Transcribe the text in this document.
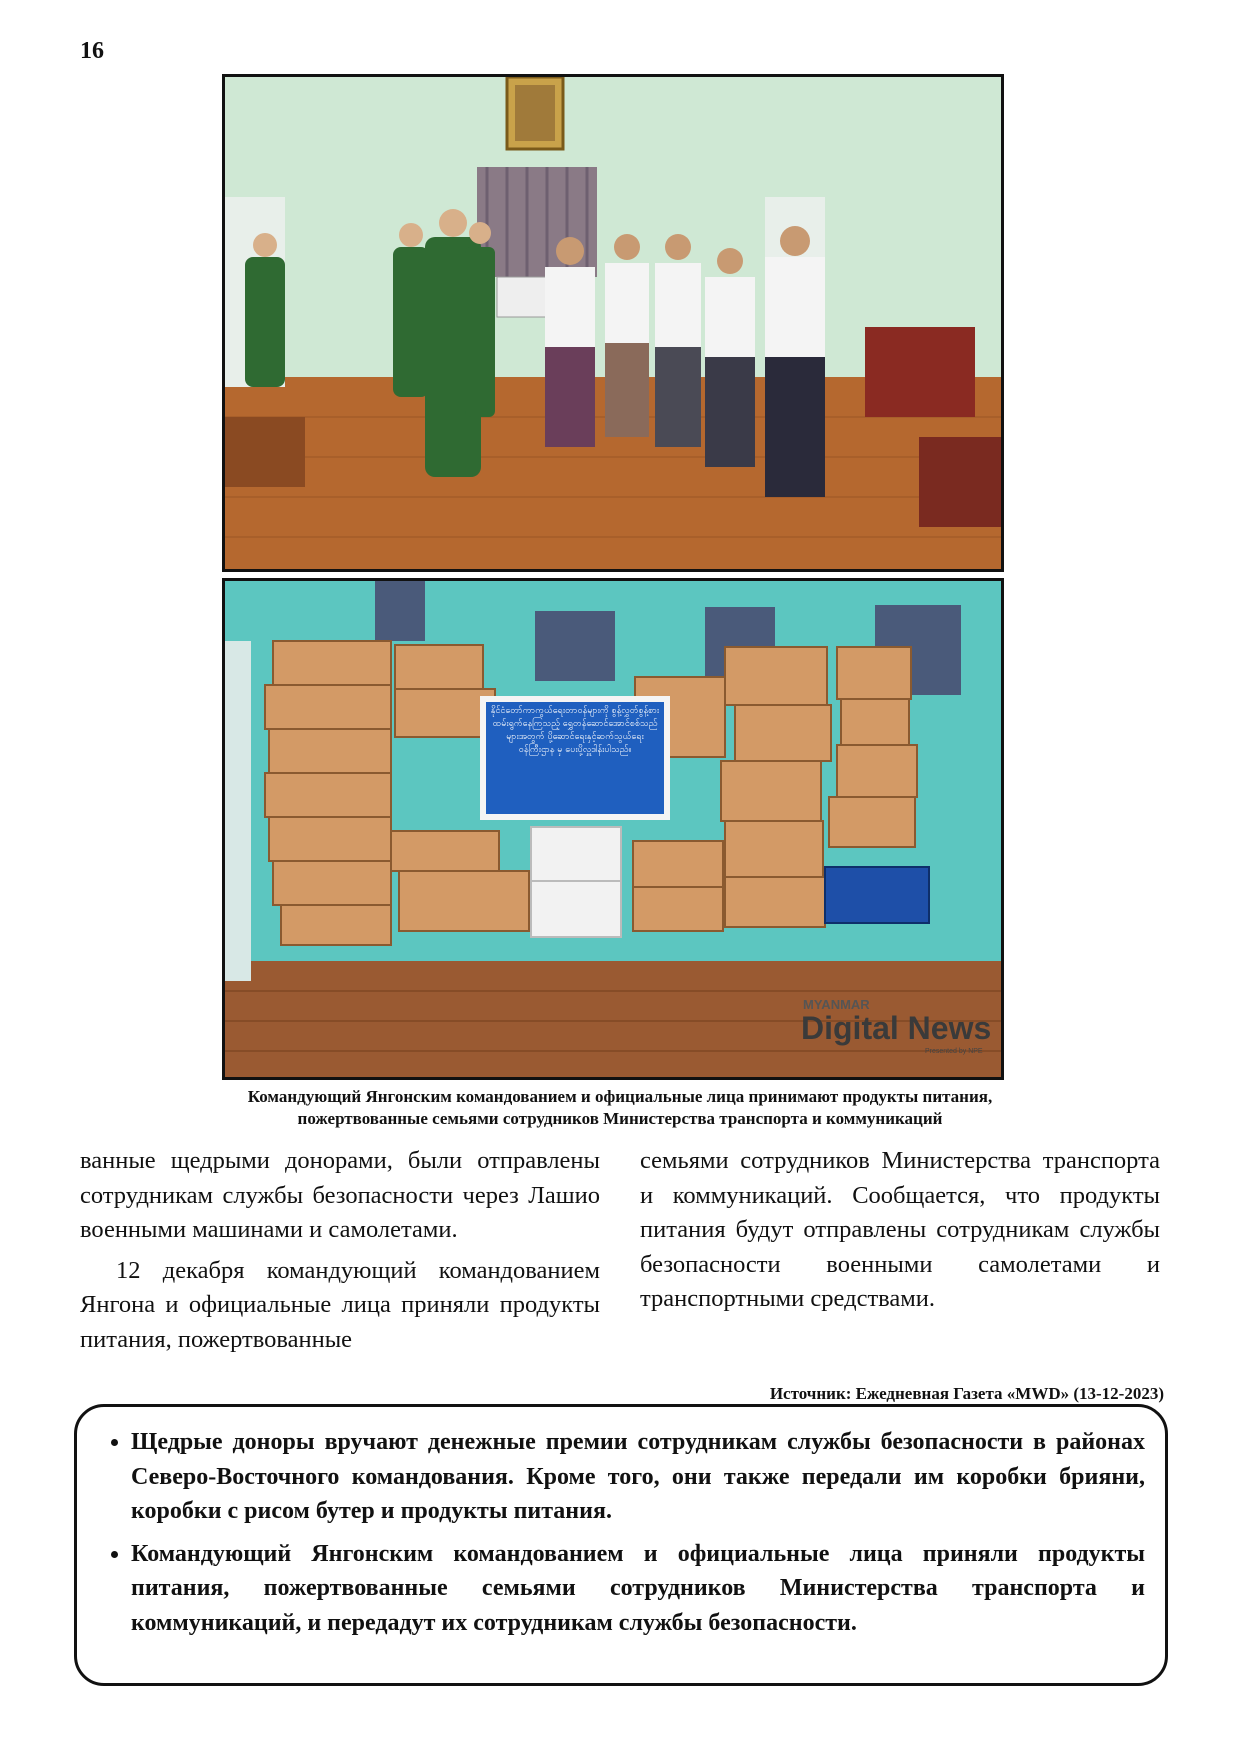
16
နိုင်ငံတော်ကာကွယ်ရေးတာဝန်များကို စွန့်လွှတ်စွန့်စားထမ်းရွက်နေကြသည့် ရွှေတန်ဆောင်အောင်စစ်သည်များအတွက် ပို့ဆောင်ရေးနှင့်ဆက်သွယ်ရေးဝန်ကြီးဌာန မှ ပေးပို့လှူဒါန်းပါသည်။
MYANMAR
Digital News
Presented by NPE
Командующий Янгонским командованием и официальные лица принимают продукты питания,
пожертвованные семьями сотрудников Министерства транспорта и коммуникаций

ванные щедрыми донорами, были отправлены сотрудникам службы безопасности через Лашио военными машинами и самолетами.

12 декабря командующий командованием Янгона и официальные лица приняли продукты питания, пожертвованные

семьями сотрудников Министерства транспорта и коммуникаций. Сообщается, что продукты питания будут отправлены сотрудникам службы безопасности военными самолетами и транспортными средствами.

Источник: Ежедневная Газета «MWD» (13-12-2023)
• Щедрые доноры вручают денежные премии сотрудникам службы безопасности в районах Северо-Восточного командования. Кроме того, они также передали им коробки брияни, коробки с рисом бутер и продукты питания.
• Командующий Янгонским командованием и официальные лица приняли продукты питания, пожертвованные семьями сотрудников Министерства транспорта и коммуникаций, и передадут их сотрудникам службы безопасности.
